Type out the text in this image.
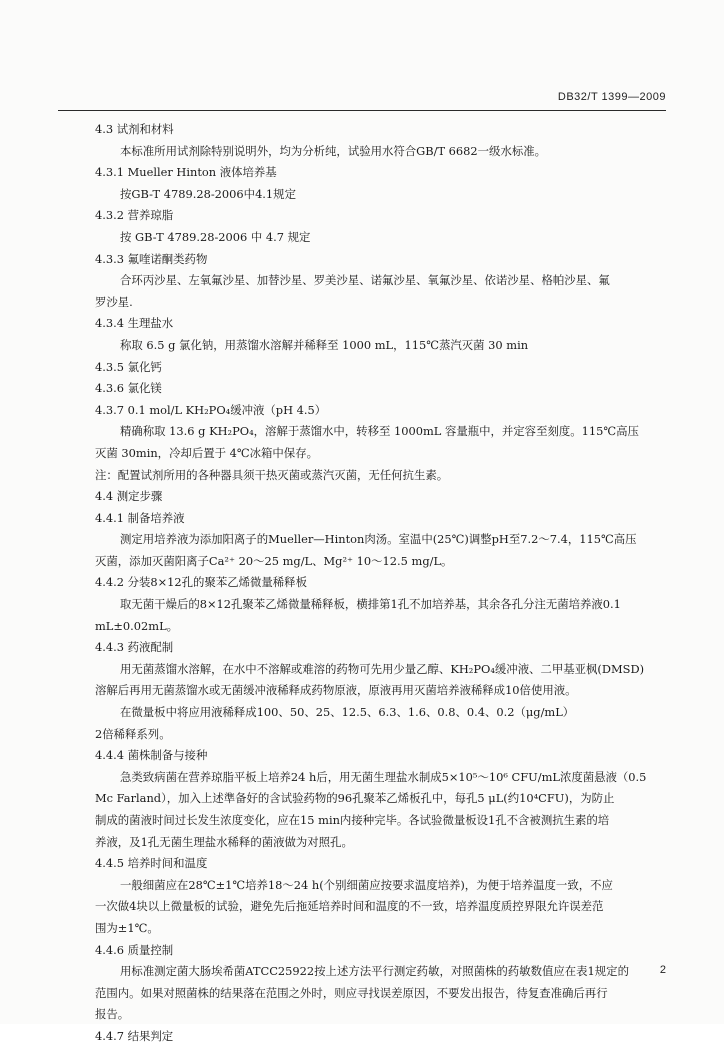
DB32/T 1399—2009
4.3 试剂和材料
本标准所用试剂除特别说明外，均为分析纯，试验用水符合GB/T 6682一级水标准。
4.3.1 Mueller Hinton 液体培养基
按GB-T 4789.28-2006中4.1规定
4.3.2 营养琼脂
按 GB-T 4789.28-2006 中 4.7 规定
4.3.3 氟喹诺酮类药物
合环丙沙星、左氧氟沙星、加替沙星、罗美沙星、诺氟沙星、氧氟沙星、依诺沙星、格帕沙星、氟
罗沙星.
4.3.4 生理盐水
称取 6.5 g 氯化钠，用蒸馏水溶解并稀释至 1000 mL，115℃蒸汽灭菌 30 min
4.3.5 氯化钙
4.3.6 氯化镁
4.3.7 0.1 mol/L KH₂PO₄缓冲液（pH 4.5）
精确称取 13.6 g KH₂PO₄，溶解于蒸馏水中，转移至 1000mL 容量瓶中，并定容至刻度。115℃高压
灭菌 30min，冷却后置于 4℃冰箱中保存。
注：配置试剂所用的各种器具须干热灭菌或蒸汽灭菌，无任何抗生素。
4.4 测定步骤
4.4.1 制备培养液
测定用培养液为添加阳离子的Mueller—Hinton肉汤。室温中(25℃)调整pH至7.2～7.4，115℃高压
灭菌，添加灭菌阳离子Ca²⁺ 20～25 mg/L、Mg²⁺ 10～12.5 mg/L。
4.4.2 分装8×12孔的聚苯乙烯微量稀释板
取无菌干燥后的8×12孔聚苯乙烯微量稀释板，横排第1孔不加培养基，其余各孔分注无菌培养液0.1
mL±0.02mL。
4.4.3 药液配制
用无菌蒸馏水溶解，在水中不溶解或难溶的药物可先用少量乙醇、KH₂PO₄缓冲液、二甲基亚枫(DMSD)
溶解后再用无菌蒸馏水或无菌缓冲液稀释成药物原液，原液再用灭菌培养液稀释成10倍使用液。
在微量板中将应用液稀释成100、50、25、12.5、6.3、1.6、0.8、0.4、0.2（μg/mL）
2倍稀释系列。
4.4.4 菌株制备与接种
急类致病菌在营养琼脂平板上培养24 h后，用无菌生理盐水制成5×10⁵～10⁶ CFU/mL浓度菌悬液（0.5
Mc Farland），加入上述準备好的含试验药物的96孔聚苯乙烯板孔中，每孔5 μL(约10⁴CFU)，为防止
制成的菌液时间过长发生浓度变化，应在15 min内接种完毕。各试验微量板设1孔不含被测抗生素的培
养液，及1孔无菌生理盐水稀释的菌液做为对照孔。
4.4.5 培养时间和温度
一般细菌应在28℃±1℃培养18～24 h(个别细菌应按要求温度培养)，为便于培养温度一致，不应
一次做4块以上微量板的试验，避免先后拖延培养时间和温度的不一致，培养温度质控界限允许误差范
围为±1℃。
4.4.6 质量控制
用标准测定菌大肠埃希菌ATCC25922按上述方法平行测定药敏，对照菌株的药敏数值应在表1规定的
范围内。如果对照菌株的结果落在范围之外时，则应寻找误差原因，不要发出报告，待复查准确后再行
报告。
4.4.7 结果判定
2
